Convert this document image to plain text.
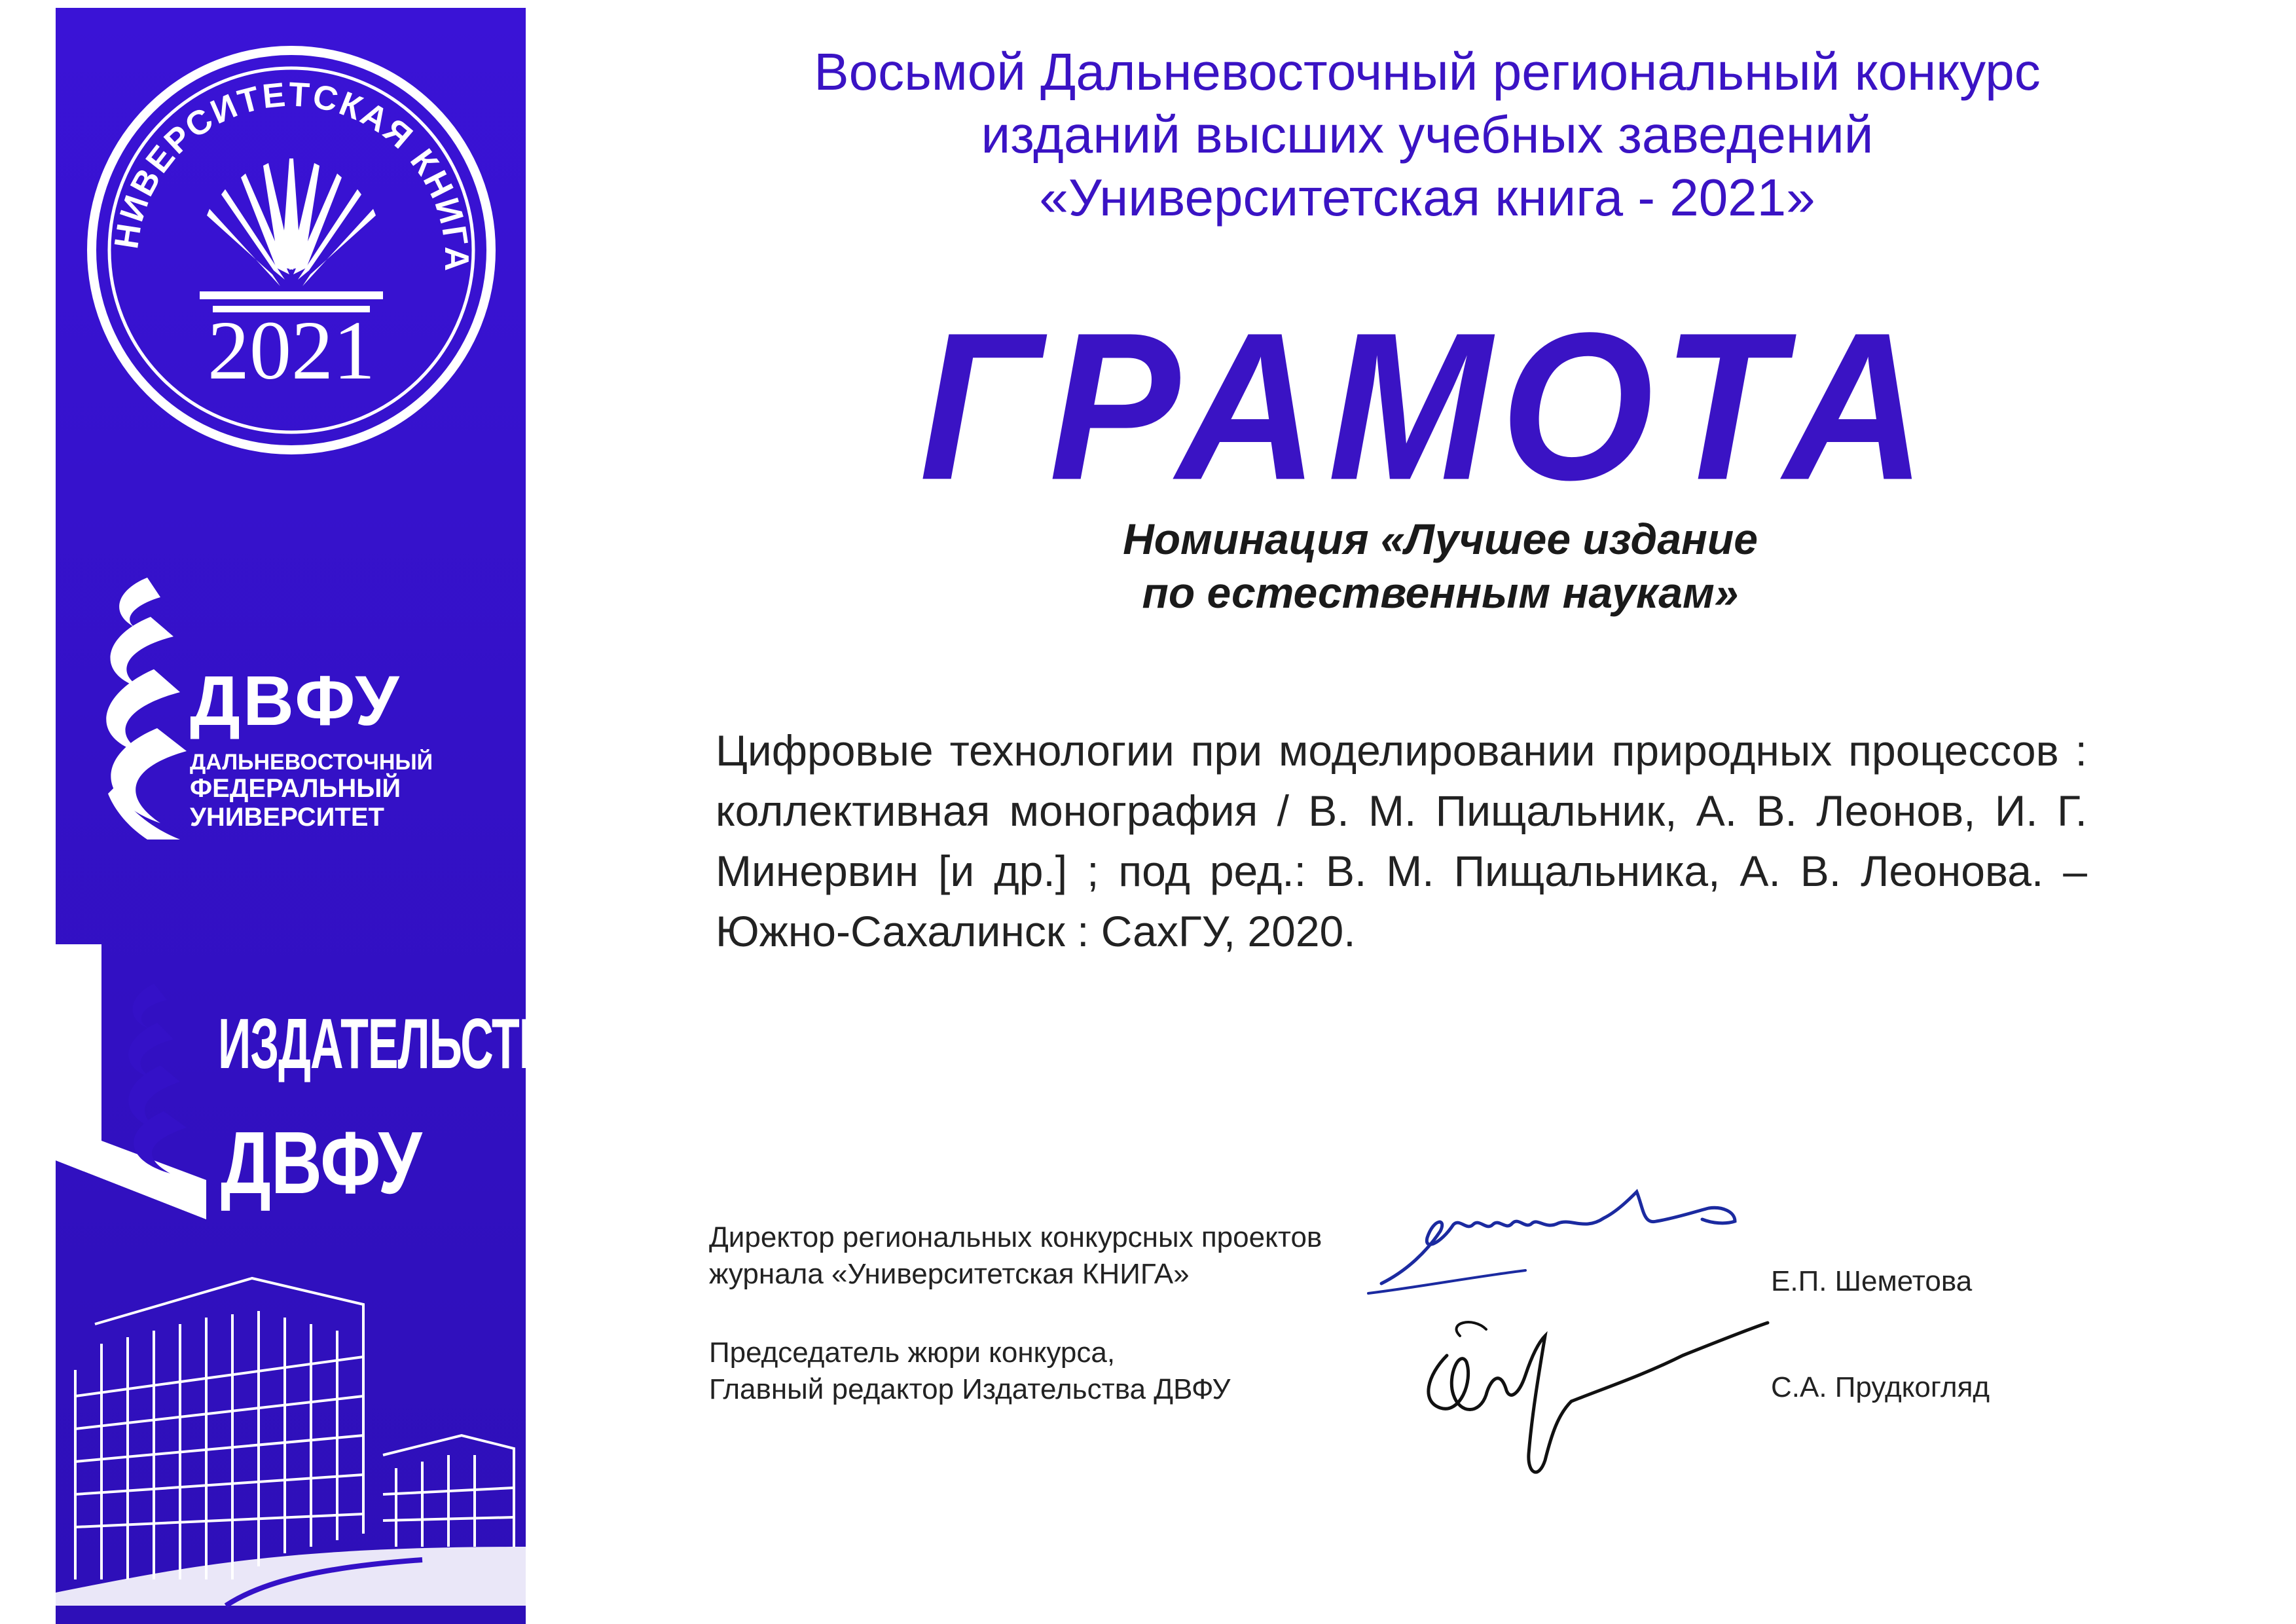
НИВЕРСИТЕТСКАЯ КНИГА
2021
ДВФУ
ДАЛЬНЕВОСТОЧНЫЙ
ФЕДЕРАЛЬНЫЙ
УНИВЕРСИТЕТ
ИЗДАТЕЛЬСТВО
ДВФУ
Восьмой Дальневосточный региональный конкурс
изданий высших учебных заведений
«Университетская книга - 2021»
ГРАМОТА
Номинация «Лучшее издание
по естественным наукам»
Цифровые технологии при моделировании природных процессов : коллективная монография / В. М. Пищальник, А. В. Леонов, И. Г. Минервин [и др.] ; под ред.: В. М. Пищальника, А. В. Леонова. – Южно-Сахалинск : СахГУ, 2020.
Директор региональных конкурсных проектов
журнала «Университетская КНИГА»	Е.П. Шеметова
Председатель жюри конкурса,
Главный редактор Издательства ДВФУ	С.А. Прудкогляд
